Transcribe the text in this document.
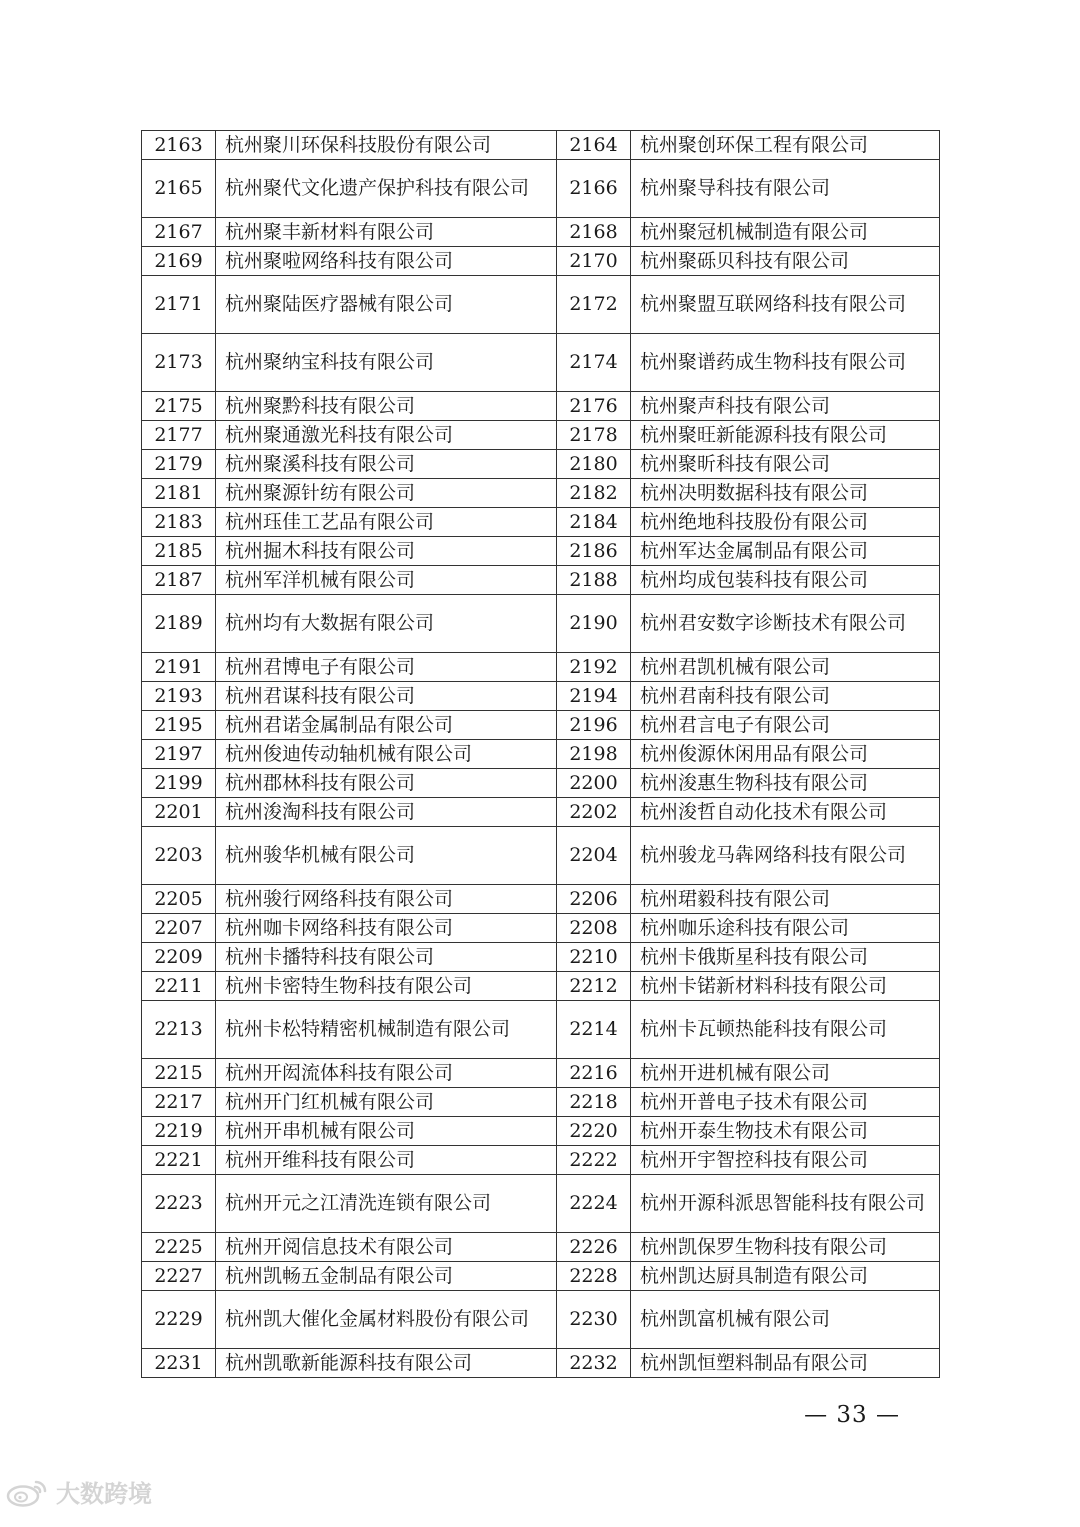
2163	杭州聚川环保科技股份有限公司	2164	杭州聚创环保工程有限公司
2165	杭州聚代文化遗产保护科技有限公司	2166	杭州聚导科技有限公司
2167	杭州聚丰新材料有限公司	2168	杭州聚冠机械制造有限公司
2169	杭州聚啦网络科技有限公司	2170	杭州聚砾贝科技有限公司
2171	杭州聚陆医疗器械有限公司	2172	杭州聚盟互联网络科技有限公司
2173	杭州聚纳宝科技有限公司	2174	杭州聚谱药成生物科技有限公司
2175	杭州聚黔科技有限公司	2176	杭州聚声科技有限公司
2177	杭州聚通激光科技有限公司	2178	杭州聚旺新能源科技有限公司
2179	杭州聚溪科技有限公司	2180	杭州聚昕科技有限公司
2181	杭州聚源针纺有限公司	2182	杭州决明数据科技有限公司
2183	杭州珏佳工艺品有限公司	2184	杭州绝地科技股份有限公司
2185	杭州掘木科技有限公司	2186	杭州军达金属制品有限公司
2187	杭州军洋机械有限公司	2188	杭州均成包装科技有限公司
2189	杭州均有大数据有限公司	2190	杭州君安数字诊断技术有限公司
2191	杭州君博电子有限公司	2192	杭州君凯机械有限公司
2193	杭州君谋科技有限公司	2194	杭州君南科技有限公司
2195	杭州君诺金属制品有限公司	2196	杭州君言电子有限公司
2197	杭州俊迪传动轴机械有限公司	2198	杭州俊源休闲用品有限公司
2199	杭州郡林科技有限公司	2200	杭州浚惠生物科技有限公司
2201	杭州浚淘科技有限公司	2202	杭州浚哲自动化技术有限公司
2203	杭州骏华机械有限公司	2204	杭州骏龙马犇网络科技有限公司
2205	杭州骏行网络科技有限公司	2206	杭州珺毅科技有限公司
2207	杭州咖卡网络科技有限公司	2208	杭州咖乐途科技有限公司
2209	杭州卡播特科技有限公司	2210	杭州卡俄斯星科技有限公司
2211	杭州卡密特生物科技有限公司	2212	杭州卡锘新材料科技有限公司
2213	杭州卡松特精密机械制造有限公司	2214	杭州卡瓦顿热能科技有限公司
2215	杭州开闳流体科技有限公司	2216	杭州开进机械有限公司
2217	杭州开门红机械有限公司	2218	杭州开普电子技术有限公司
2219	杭州开串机械有限公司	2220	杭州开泰生物技术有限公司
2221	杭州开维科技有限公司	2222	杭州开宇智控科技有限公司
2223	杭州开元之江清洗连锁有限公司	2224	杭州开源科派思智能科技有限公司
2225	杭州开阅信息技术有限公司	2226	杭州凯保罗生物科技有限公司
2227	杭州凯畅五金制品有限公司	2228	杭州凯达厨具制造有限公司
2229	杭州凯大催化金属材料股份有限公司	2230	杭州凯富机械有限公司
2231	杭州凯歌新能源科技有限公司	2232	杭州凯恒塑料制品有限公司
— 33 —
大数跨境
